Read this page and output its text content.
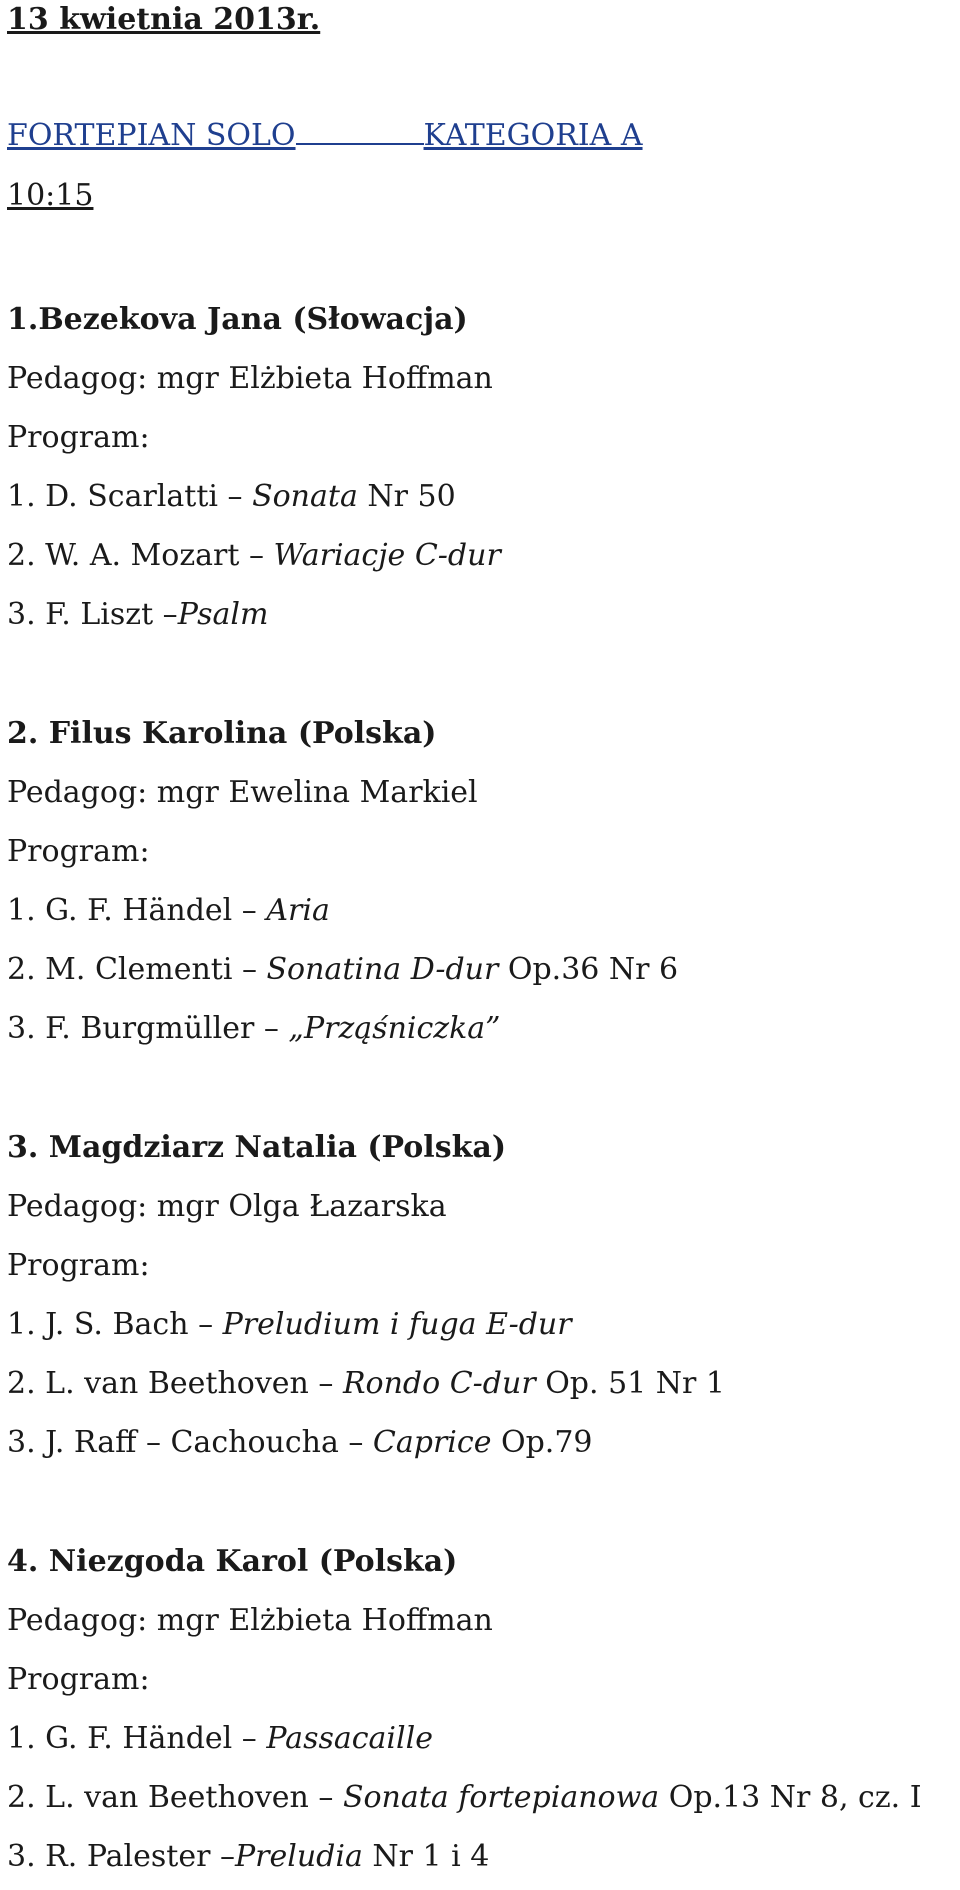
13 kwietnia 2013r.
FORTEPIAN SOLO	KATEGORIA A
10:15
1.Bezekova Jana (Słowacja)
Pedagog: mgr Elżbieta Hoffman
Program:
1. D. Scarlatti – Sonata Nr 50
2. W. A. Mozart – Wariacje C-dur
3. F. Liszt –Psalm
2. Filus Karolina (Polska)
Pedagog: mgr Ewelina Markiel
Program:
1. G. F. Händel – Aria
2. M. Clementi – Sonatina D-dur Op.36 Nr 6
3. F. Burgmüller – „Prząśniczka”
3. Magdziarz Natalia (Polska)
Pedagog: mgr Olga Łazarska
Program:
1. J. S. Bach – Preludium i fuga E-dur
2. L. van Beethoven – Rondo C-dur Op. 51 Nr 1
3. J. Raff – Cachoucha – Caprice Op.79
4. Niezgoda Karol (Polska)
Pedagog: mgr Elżbieta Hoffman
Program:
1. G. F. Händel – Passacaille
2. L. van Beethoven – Sonata fortepianowa Op.13 Nr 8, cz. I
3. R. Palester –Preludia Nr 1 i 4
